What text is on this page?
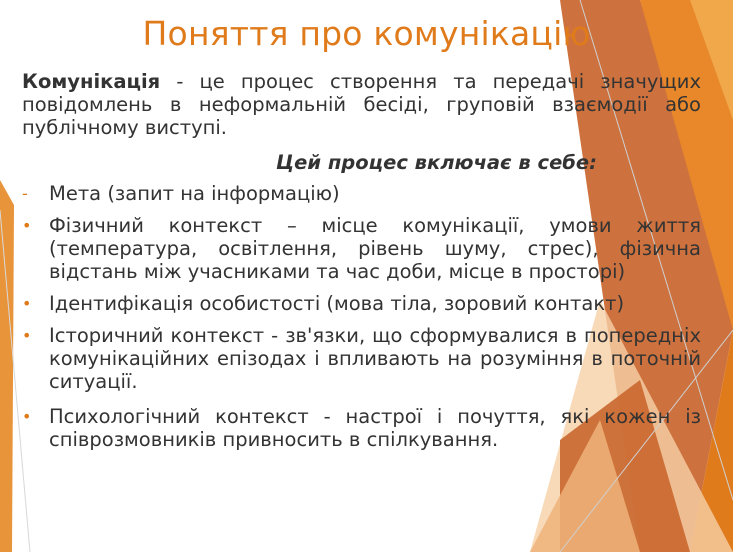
Поняття про комунікацію

Комунікація - це процес створення та передачі значущих повідомлень в неформальній бесіді, груповій взаємодії або публічному виступі.

Цей процес включає в себе:
- Мета (запит на інформацію)
• Фізичний контекст – місце комунікації, умови життя (температура, освітлення, рівень шуму, стрес), фізична відстань між учасниками та час доби, місце в просторі)
• Ідентифікація особистості (мова тіла, зоровий контакт)
• Історичний контекст - зв'язки, що сформувалися в попередніх комунікаційних епізодах і впливають на розуміння в поточній ситуації.
• Психологічний контекст - настрої і почуття, які кожен із співрозмовників привносить в спілкування.
